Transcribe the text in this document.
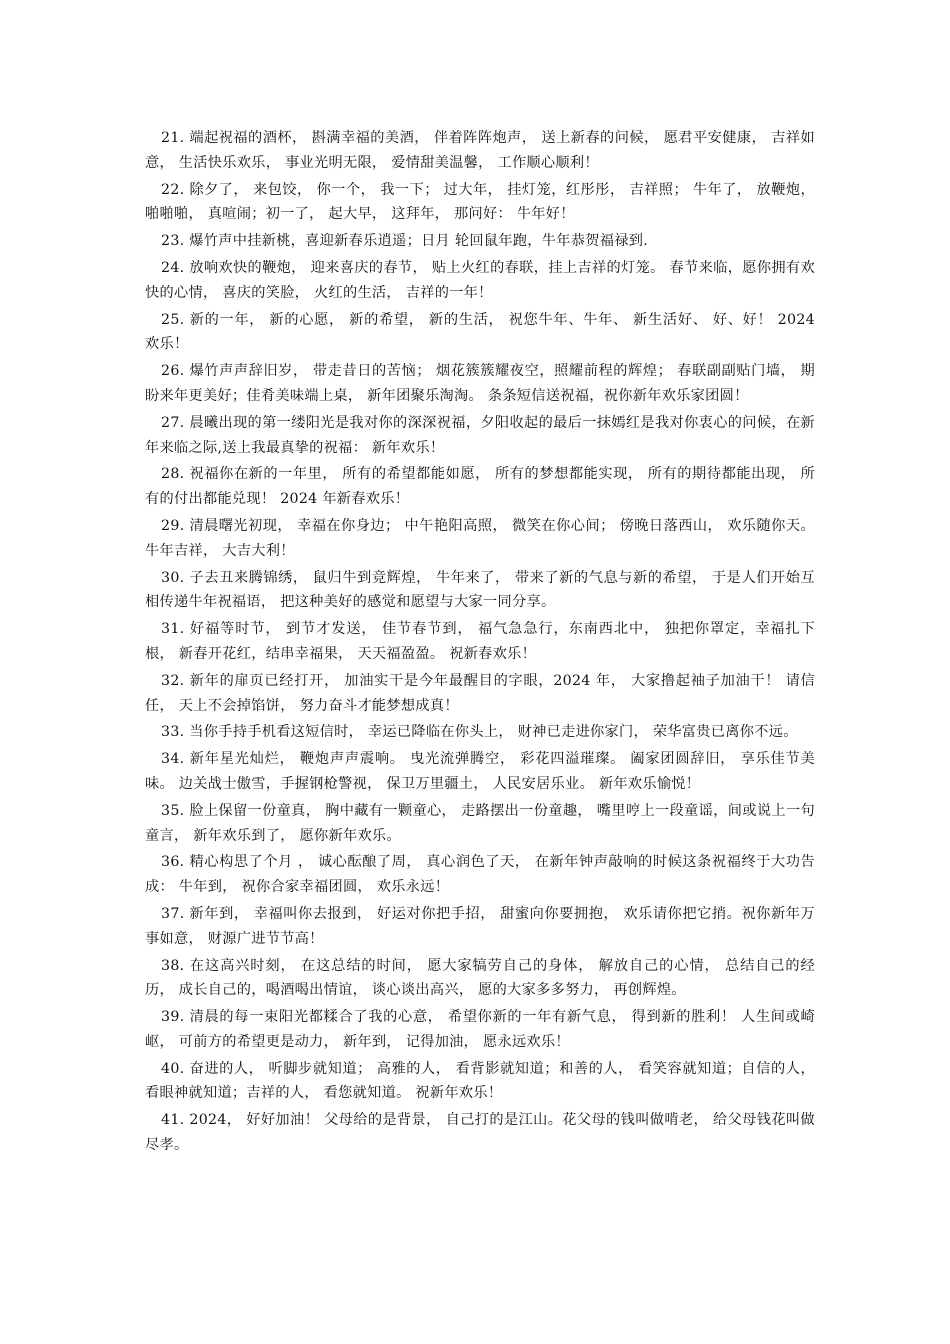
21. 端起祝福的酒杯， 斟满幸福的美酒， 伴着阵阵炮声， 送上新春的问候， 愿君平安健康， 吉祥如意， 生活快乐欢乐， 事业光明无限， 爱情甜美温馨， 工作顺心顺利！

22. 除夕了， 来包饺， 你一个， 我一下； 过大年， 挂灯笼，红彤彤， 吉祥照； 牛年了， 放鞭炮， 啪啪啪， 真喧闹；初一了， 起大早， 这拜年， 那问好： 牛年好！

23. 爆竹声中挂新桃，喜迎新春乐逍遥；日月 轮回鼠年跑，牛年恭贺福禄到.

24. 放响欢快的鞭炮， 迎来喜庆的春节， 贴上火红的春联，挂上吉祥的灯笼。 春节来临，愿你拥有欢快的心情， 喜庆的笑脸， 火红的生活， 吉祥的一年！

25. 新的一年， 新的心愿， 新的希望， 新的生活， 祝您牛年、牛年、 新生活好、 好、好！ 2024 欢乐！

26. 爆竹声声辞旧岁， 带走昔日的苦恼； 烟花簇簇耀夜空，照耀前程的辉煌； 春联副副贴门墙， 期盼来年更美好；佳肴美味端上桌， 新年团聚乐淘淘。 条条短信送祝福，祝你新年欢乐家团圆！

27. 晨曦出现的第一缕阳光是我对你的深深祝福，夕阳收起的最后一抹嫣红是我对你衷心的问候，在新年来临之际,送上我最真挚的祝福： 新年欢乐！

28. 祝福你在新的一年里， 所有的希望都能如愿， 所有的梦想都能实现， 所有的期待都能出现， 所有的付出都能兑现！ 2024 年新春欢乐！

29. 清晨曙光初现， 幸福在你身边； 中午艳阳高照， 微笑在你心间； 傍晚日落西山， 欢乐随你天。 牛年吉祥， 大吉大利！

30. 子去丑来腾锦绣， 鼠归牛到竞辉煌， 牛年来了， 带来了新的气息与新的希望， 于是人们开始互相传递牛年祝福语， 把这种美好的感觉和愿望与大家一同分享。

31. 好福等时节， 到节才发送， 佳节春节到， 福气急急行，东南西北中， 独把你罩定，幸福扎下根， 新春开花红，结串幸福果， 天天福盈盈。 祝新春欢乐！

32. 新年的扉页已经打开， 加油实干是今年最醒目的字眼，2024 年， 大家撸起袖子加油干！ 请信任， 天上不会掉馅饼， 努力奋斗才能梦想成真！

33. 当你手持手机看这短信时， 幸运已降临在你头上， 财神已走进你家门， 荣华富贵已离你不远。

34. 新年星光灿烂， 鞭炮声声震响。 曳光流弹腾空， 彩花四溢璀璨。 阖家团圆辞旧， 享乐佳节美味。 边关战士傲雪，手握钢枪警视， 保卫万里疆土， 人民安居乐业。 新年欢乐愉悦！

35. 脸上保留一份童真， 胸中藏有一颗童心， 走路摆出一份童趣， 嘴里哼上一段童谣，间或说上一句童言， 新年欢乐到了， 愿你新年欢乐。

36. 精心构思了个月 ， 诚心酝酿了周， 真心润色了天， 在新年钟声敲响的时候这条祝福终于大功告成： 牛年到， 祝你合家幸福团圆， 欢乐永远！

37. 新年到， 幸福叫你去报到， 好运对你把手招， 甜蜜向你要拥抱， 欢乐请你把它捎。祝你新年万事如意， 财源广进节节高！

38. 在这高兴时刻， 在这总结的时间， 愿大家犒劳自己的身体， 解放自己的心情， 总结自己的经历， 成长自己的，喝酒喝出情谊， 谈心谈出高兴， 愿的大家多多努力， 再创辉煌。

39. 清晨的每一束阳光都糅合了我的心意， 希望你新的一年有新气息， 得到新的胜利！ 人生间或崎岖， 可前方的希望更是动力， 新年到， 记得加油， 愿永远欢乐！

40. 奋进的人， 听脚步就知道； 高雅的人， 看背影就知道；和善的人， 看笑容就知道；自信的人， 看眼神就知道；吉祥的人， 看您就知道。 祝新年欢乐！

41. 2024， 好好加油！ 父母给的是背景， 自己打的是江山。花父母的钱叫做啃老， 给父母钱花叫做尽孝。
